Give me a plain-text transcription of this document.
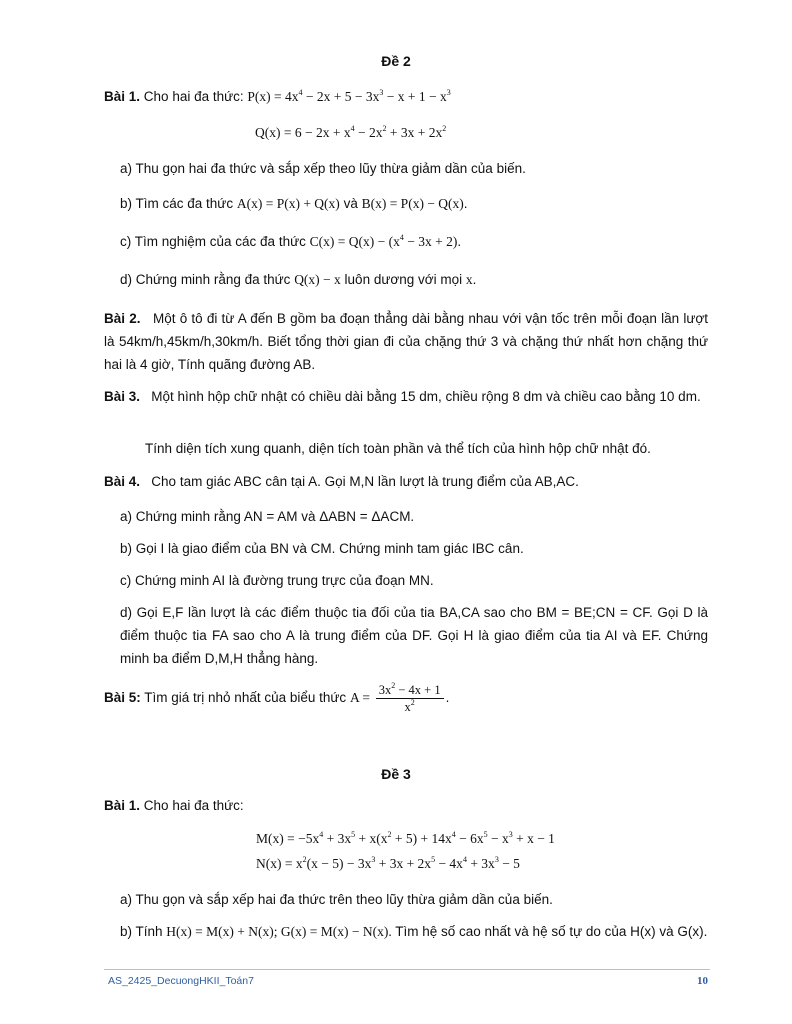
Đề 2
Bài 1. Cho hai đa thức: $P(x) = 4x^4 - 2x + 5 - 3x^3 - x + 1 - x^3$
$Q(x) = 6 - 2x + x^4 - 2x^2 + 3x + 2x^2$
a) Thu gọn hai đa thức và sắp xếp theo lũy thừa giảm dần của biến.
b) Tìm các đa thức A(x) = P(x) + Q(x) và B(x) = P(x) − Q(x).
c) Tìm nghiệm của các đa thức $C(x) = Q(x) - (x^4 - 3x + 2)$.
d) Chứng minh rằng đa thức Q(x) − x luôn dương với mọi x.
Bài 2. Một ô tô đi từ A đến B gồm ba đoạn thẳng dài bằng nhau với vận tốc trên mỗi đoạn lần lượt là 54km/h,45km/h,30km/h. Biết tổng thời gian đi của chặng thứ 3 và chặng thứ nhất hơn chặng thứ hai là 4 giờ, Tính quãng đường AB.
Bài 3. Một hình hộp chữ nhật có chiều dài bằng 15 dm, chiều rộng 8 dm và chiều cao bằng 10 dm.
Tính diện tích xung quanh, diện tích toàn phần và thể tích của hình hộp chữ nhật đó.
Bài 4. Cho tam giác ABC cân tại A. Gọi M,N lần lượt là trung điểm của AB,AC.
a) Chứng minh rằng AN = AM và ΔABN = ΔACM.
b) Gọi I là giao điểm của BN và CM. Chứng minh tam giác IBC cân.
c) Chứng minh AI là đường trung trực của đoạn MN.
d) Gọi E,F lần lượt là các điểm thuộc tia đối của tia BA,CA sao cho BM = BE;CN = CF. Gọi D là điểm thuộc tia FA sao cho A là trung điểm của DF. Gọi H là giao điểm của tia AI và EF. Chứng minh ba điểm D,M,H thẳng hàng.
Bài 5: Tìm giá trị nhỏ nhất của biểu thức $A = \frac{3x^2 - 4x + 1}{x^2}$ .
Đề 3
Bài 1. Cho hai đa thức:
$M(x) = -5x^4 + 3x^5 + x(x^2 + 5) + 14x^4 - 6x^5 - x^3 + x - 1$
$N(x) = x^2(x - 5) - 3x^3 + 3x + 2x^5 - 4x^4 + 3x^3 - 5$
a) Thu gọn và sắp xếp hai đa thức trên theo lũy thừa giảm dần của biến.
b) Tính H(x) = M(x) + N(x); G(x) = M(x) − N(x). Tìm hệ số cao nhất và hệ số tự do của H(x) và G(x).
AS_2425_DecuongHKII_Toán7	10
